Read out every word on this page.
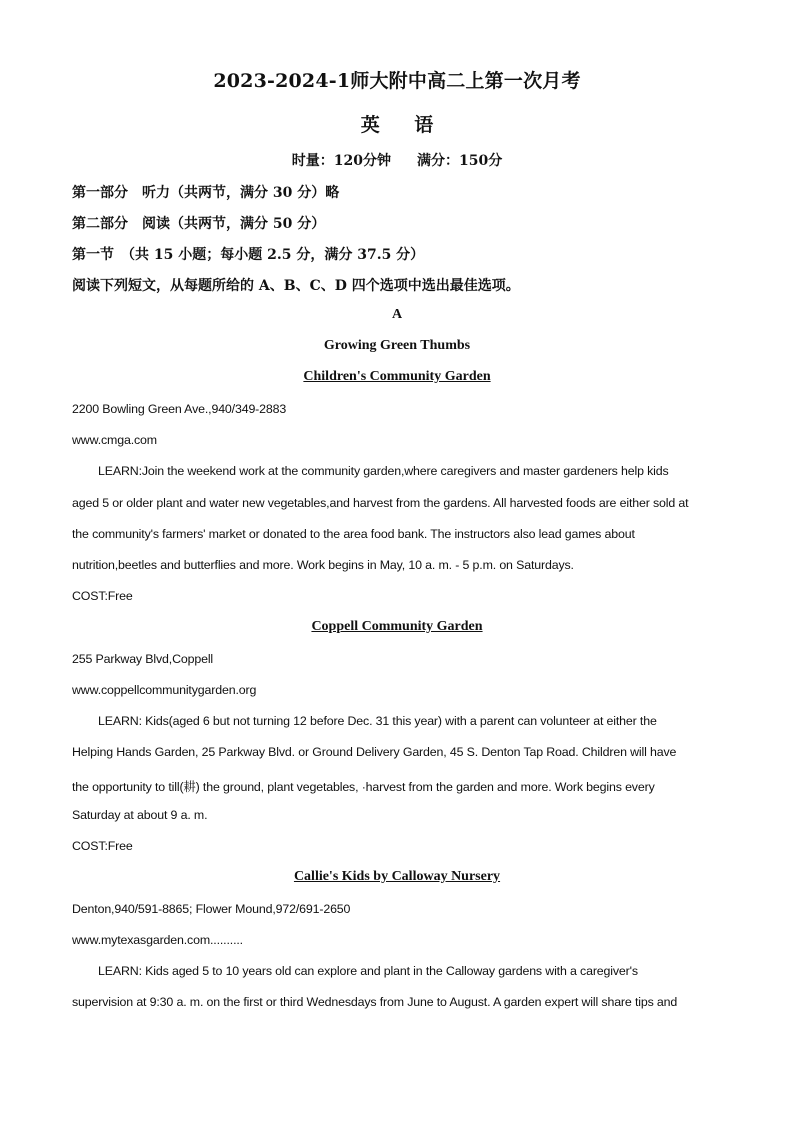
2023-2024-1师大附中高二上第一次月考
英 语
时量：120分钟 满分：150分
第一部分　听力（共两节，满分 30 分）略
第二部分　阅读（共两节，满分 50 分）
第一节　（共 15 小题；每小题 2.5 分，满分 37.5 分）
阅读下列短文，从每题所给的 A、B、C、D 四个选项中选出最佳选项。
A
Growing Green Thumbs
Children's Community Garden
2200 Bowling Green Ave.,940/349-2883
www.cmga.com
LEARN:Join the weekend work at the community garden,where caregivers and master gardeners help kids
aged 5 or older plant and water new vegetables,and harvest from the gardens. All harvested foods are either sold at
the community's farmers' market or donated to the area food bank. The instructors also lead games about
nutrition,beetles and butterflies and more. Work begins in May, 10 a. m. - 5 p.m. on Saturdays.
COST:Free
Coppell Community Garden
255 Parkway Blvd,Coppell
www.coppellcommunitygarden.org
LEARN: Kids(aged 6 but not turning 12 before Dec. 31 this year) with a parent can volunteer at either the
Helping Hands Garden, 25 Parkway Blvd. or Ground Delivery Garden, 45 S. Denton Tap Road. Children will have
the opportunity to till(耕) the ground, plant vegetables, ·harvest from the garden and more. Work begins every
Saturday at about 9 a. m.
COST:Free
Callie's Kids by Calloway Nursery
Denton,940/591-8865; Flower Mound,972/691-2650
www.mytexasgarden.com..........
LEARN: Kids aged 5 to 10 years old can explore and plant in the Calloway gardens with a caregiver's
supervision at 9:30 a. m. on the first or third Wednesdays from June to August. A garden expert will share tips and
